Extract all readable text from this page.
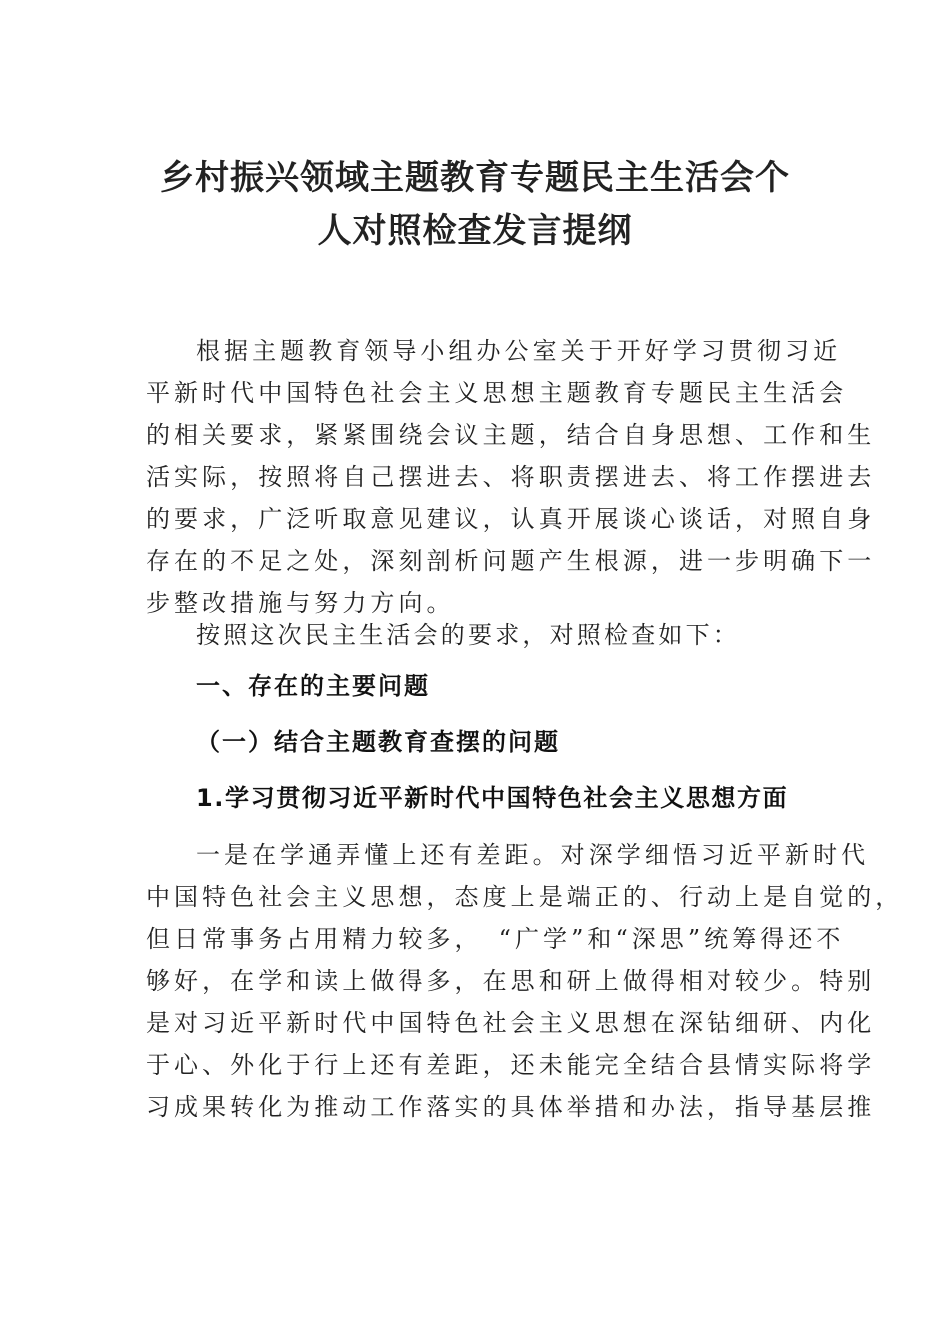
乡村振兴领域主题教育专题民主生活会个
人对照检查发言提纲
根据主题教育领导小组办公室关于开好学习贯彻习近
平新时代中国特色社会主义思想主题教育专题民主生活会
的相关要求，紧紧围绕会议主题，结合自身思想、工作和生
活实际，按照将自己摆进去、将职责摆进去、将工作摆进去
的要求，广泛听取意见建议，认真开展谈心谈话，对照自身
存在的不足之处，深刻剖析问题产生根源，进一步明确下一
步整改措施与努力方向。
按照这次民主生活会的要求，对照检查如下：
一、存在的主要问题
（一）结合主题教育查摆的问题
1.学习贯彻习近平新时代中国特色社会主义思想方面
一是在学通弄懂上还有差距。对深学细悟习近平新时代
中国特色社会主义思想，态度上是端正的、行动上是自觉的，
但日常事务占用精力较多，　“广学”和“深思”统筹得还不
够好，在学和读上做得多，在思和研上做得相对较少。特别
是对习近平新时代中国特色社会主义思想在深钻细研、内化
于心、外化于行上还有差距，还未能完全结合县情实际将学
习成果转化为推动工作落实的具体举措和办法，指导基层推
